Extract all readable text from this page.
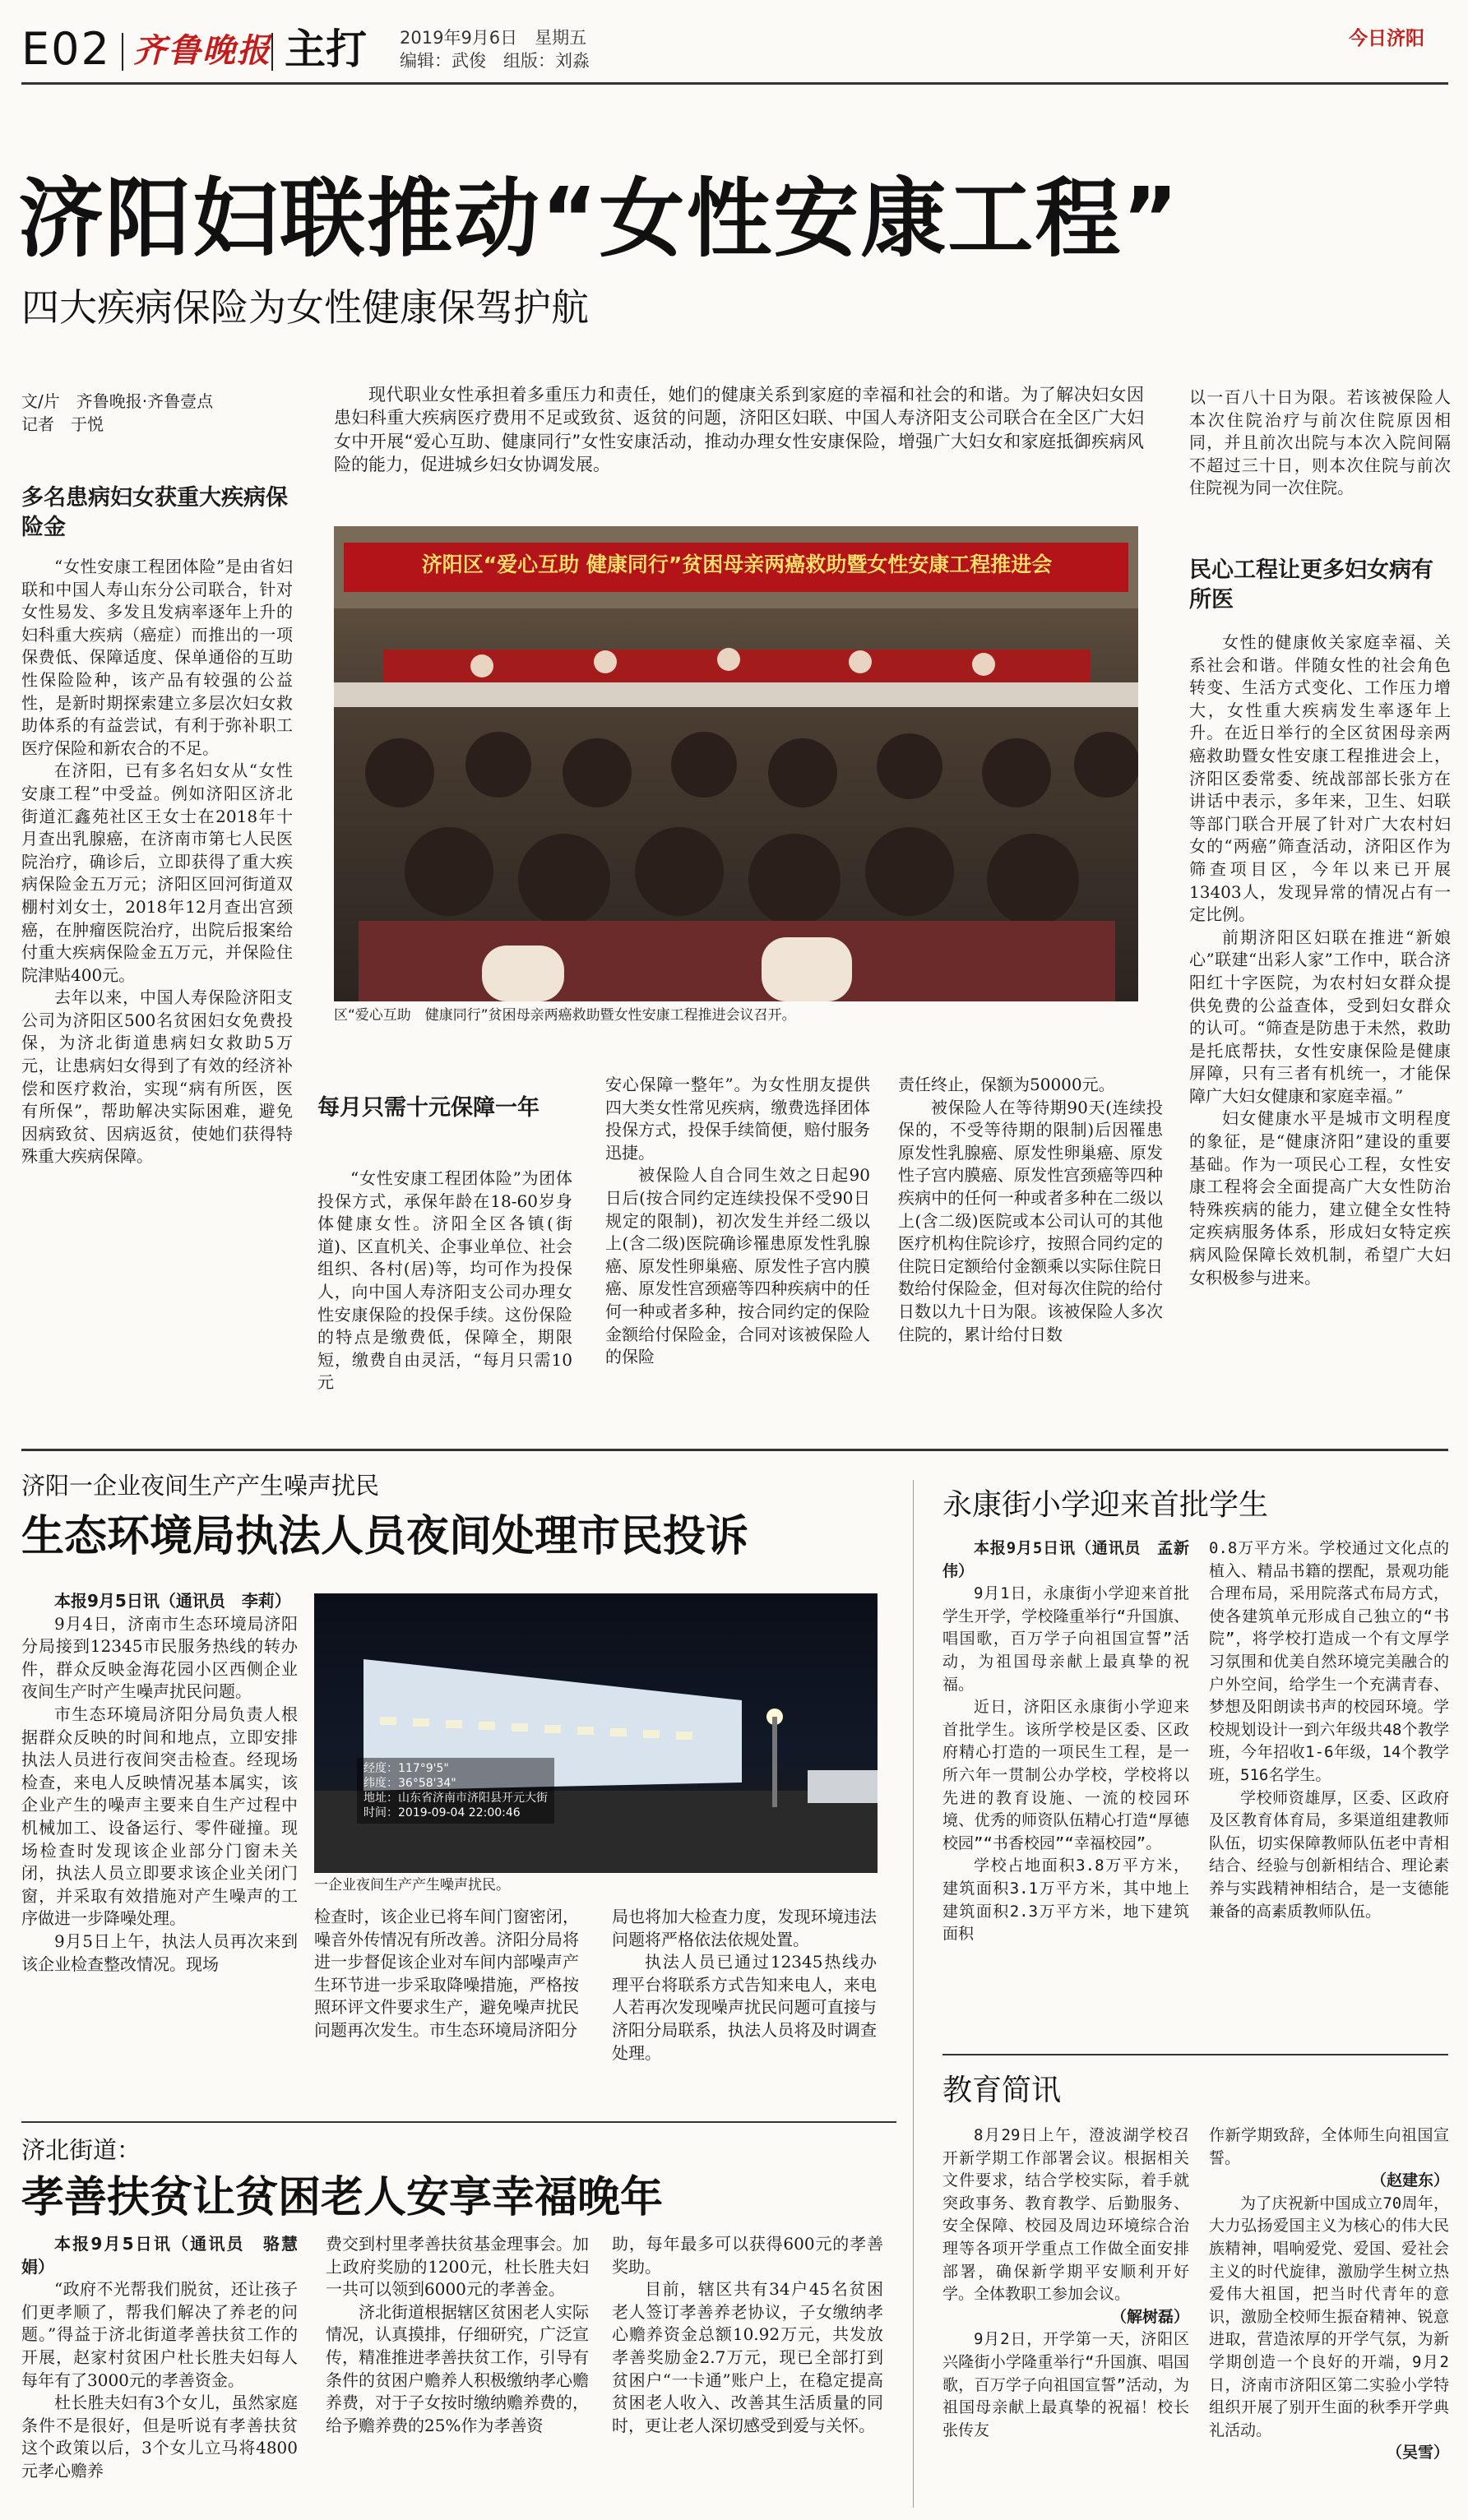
E02 齐鲁晚报 主打 2019年9月6日　星期五
编辑：武俊　组版：刘淼
今日济阳
济阳妇联推动“女性安康工程”
四大疾病保险为女性健康保驾护航
文/片　齐鲁晚报·齐鲁壹点
记者　于悦
现代职业女性承担着多重压力和责任，她们的健康关系到家庭的幸福和社会的和谐。为了解决妇女因患妇科重大疾病医疗费用不足或致贫、返贫的问题，济阳区妇联、中国人寿济阳支公司联合在全区广大妇女中开展“爱心互助、健康同行”女性安康活动，推动办理女性安康保险，增强广大妇女和家庭抵御疾病风险的能力，促进城乡妇女协调发展。
济阳区“爱心互助 健康同行”贫困母亲两癌救助暨女性安康工程推进会
区“爱心互助　健康同行”贫困母亲两癌救助暨女性安康工程推进会议召开。
多名患病妇女获重大疾病保险金

“女性安康工程团体险”是由省妇联和中国人寿山东分公司联合，针对女性易发、多发且发病率逐年上升的妇科重大疾病（癌症）而推出的一项保费低、保障适度、保单通俗的互助性保险险种，该产品有较强的公益性，是新时期探索建立多层次妇女救助体系的有益尝试，有利于弥补职工医疗保险和新农合的不足。

在济阳，已有多名妇女从“女性安康工程”中受益。例如济阳区济北街道汇鑫苑社区王女士在2018年十月查出乳腺癌，在济南市第七人民医院治疗，确诊后，立即获得了重大疾病保险金五万元；济阳区回河街道双棚村刘女士，2018年12月查出宫颈癌，在肿瘤医院治疗，出院后报案给付重大疾病保险金五万元，并保险住院津贴400元。

去年以来，中国人寿保险济阳支公司为济阳区500名贫困妇女免费投保，为济北街道患病妇女救助5万元，让患病妇女得到了有效的经济补偿和医疗救治，实现“病有所医，医有所保”，帮助解决实际困难，避免因病致贫、因病返贫，使她们获得特殊重大疾病保障。

每月只需十元保障一年

“女性安康工程团体险”为团体投保方式，承保年龄在18-60岁身体健康女性。济阳全区各镇(街道)、区直机关、企事业单位、社会组织、各村(居)等，均可作为投保人，向中国人寿济阳支公司办理女性安康保险的投保手续。这份保险的特点是缴费低，保障全，期限短，缴费自由灵活，“每月只需10元

安心保障一整年”。为女性朋友提供四大类女性常见疾病，缴费选择团体投保方式，投保手续简便，赔付服务迅捷。

被保险人自合同生效之日起90日后(按合同约定连续投保不受90日规定的限制)，初次发生并经二级以上(含二级)医院确诊罹患原发性乳腺癌、原发性卵巢癌、原发性子宫内膜癌、原发性宫颈癌等四种疾病中的任何一种或者多种，按合同约定的保险金额给付保险金，合同对该被保险人的保险

责任终止，保额为50000元。

被保险人在等待期90天(连续投保的，不受等待期的限制)后因罹患原发性乳腺癌、原发性卵巢癌、原发性子宫内膜癌、原发性宫颈癌等四种疾病中的任何一种或者多种在二级以上(含二级)医院或本公司认可的其他医疗机构住院诊疗，按照合同约定的住院日定额给付金额乘以实际住院日数给付保险金，但对每次住院的给付日数以九十日为限。该被保险人多次住院的，累计给付日数

以一百八十日为限。若该被保险人本次住院治疗与前次住院原因相同，并且前次出院与本次入院间隔不超过三十日，则本次住院与前次住院视为同一次住院。

民心工程让更多妇女病有所医

女性的健康攸关家庭幸福、关系社会和谐。伴随女性的社会角色转变、生活方式变化、工作压力增大，女性重大疾病发生率逐年上升。在近日举行的全区贫困母亲两癌救助暨女性安康工程推进会上，济阳区委常委、统战部部长张方在讲话中表示，多年来，卫生、妇联等部门联合开展了针对广大农村妇女的“两癌”筛查活动，济阳区作为筛查项目区，今年以来已开展13403人，发现异常的情况占有一定比例。

前期济阳区妇联在推进“新娘心”联建“出彩人家”工作中，联合济阳红十字医院，为农村妇女群众提供免费的公益查体，受到妇女群众的认可。“筛查是防患于未然，救助是托底帮扶，女性安康保险是健康屏障，只有三者有机统一，才能保障广大妇女健康和家庭幸福。”

妇女健康水平是城市文明程度的象征，是“健康济阳”建设的重要基础。作为一项民心工程，女性安康工程将会全面提高广大女性防治特殊疾病的能力，建立健全女性特定疾病服务体系，形成妇女特定疾病风险保障长效机制，希望广大妇女积极参与进来。

济阳一企业夜间生产产生噪声扰民
生态环境局执法人员夜间处理市民投诉

本报9月5日讯（通讯员　李莉）

9月4日，济南市生态环境局济阳分局接到12345市民服务热线的转办件，群众反映金海花园小区西侧企业夜间生产时产生噪声扰民问题。

市生态环境局济阳分局负责人根据群众反映的时间和地点，立即安排执法人员进行夜间突击检查。经现场检查，来电人反映情况基本属实，该企业产生的噪声主要来自生产过程中机械加工、设备运行、零件碰撞。现场检查时发现该企业部分门窗未关闭，执法人员立即要求该企业关闭门窗，并采取有效措施对产生噪声的工序做进一步降噪处理。

9月5日上午，执法人员再次来到该企业检查整改情况。现场

经度：117°9'5"
纬度：36°58'34"
地址：山东省济南市济阳县开元大街
时间：2019-09-04 22:00:46
一企业夜间生产产生噪声扰民。

检查时，该企业已将车间门窗密闭，噪音外传情况有所改善。济阳分局将进一步督促该企业对车间内部噪声产生环节进一步采取降噪措施，严格按照环评文件要求生产，避免噪声扰民问题再次发生。市生态环境局济阳分

局也将加大检查力度，发现环境违法问题将严格依法依规处置。

执法人员已通过12345热线办理平台将联系方式告知来电人，来电人若再次发现噪声扰民问题可直接与济阳分局联系，执法人员将及时调查处理。

济北街道：
孝善扶贫让贫困老人安享幸福晚年

本报9月5日讯（通讯员　骆慧娟）

“政府不光帮我们脱贫，还让孩子们更孝顺了，帮我们解决了养老的问题。”得益于济北街道孝善扶贫工作的开展，赵家村贫困户杜长胜夫妇每人每年有了3000元的孝善资金。

杜长胜夫妇有3个女儿，虽然家庭条件不是很好，但是听说有孝善扶贫这个政策以后，3个女儿立马将4800元孝心赡养

费交到村里孝善扶贫基金理事会。加上政府奖励的1200元，杜长胜夫妇一共可以领到6000元的孝善金。

济北街道根据辖区贫困老人实际情况，认真摸排，仔细研究，广泛宣传，精准推进孝善扶贫工作，引导有条件的贫困户赡养人积极缴纳孝心赡养费，对于子女按时缴纳赡养费的，给予赡养费的25%作为孝善资

助，每年最多可以获得600元的孝善奖助。

目前，辖区共有34户45名贫困老人签订孝善养老协议，子女缴纳孝心赡养资金总额10.92万元，共发放孝善奖励金2.7万元，现已全部打到贫困户“一卡通”账户上，在稳定提高贫困老人收入、改善其生活质量的同时，更让老人深切感受到爱与关怀。

永康街小学迎来首批学生

本报9月5日讯（通讯员　孟新伟）

9月1日，永康街小学迎来首批学生开学，学校隆重举行“升国旗、唱国歌，百万学子向祖国宣誓”活动，为祖国母亲献上最真挚的祝福。

近日，济阳区永康街小学迎来首批学生。该所学校是区委、区政府精心打造的一项民生工程，是一所六年一贯制公办学校，学校将以先进的教育设施、一流的校园环境、优秀的师资队伍精心打造“厚德校园”“书香校园”“幸福校园”。

学校占地面积3.8万平方米，建筑面积3.1万平方米，其中地上建筑面积2.3万平方米，地下建筑面积

0.8万平方米。学校通过文化点的植入、精品书籍的摆配，景观功能合理布局，采用院落式布局方式，使各建筑单元形成自己独立的“书院”，将学校打造成一个有文厚学习氛围和优美自然环境完美融合的户外空间，给学生一个充满青春、梦想及阳朗读书声的校园环境。学校规划设计一到六年级共48个教学班，今年招收1-6年级，14个教学班，516名学生。

学校师资雄厚，区委、区政府及区教育体育局，多渠道组建教师队伍，切实保障教师队伍老中青相结合、经验与创新相结合、理论素养与实践精神相结合，是一支德能兼备的高素质教师队伍。

教育简讯

8月29日上午，澄波湖学校召开新学期工作部署会议。根据相关文件要求，结合学校实际，着手就突政事务、教育教学、后勤服务、安全保障、校园及周边环境综合治理等各项开学重点工作做全面安排部署，确保新学期平安顺利开好学。全体教职工参加会议。

（解树磊）

9月2日，开学第一天，济阳区兴隆街小学隆重举行“升国旗、唱国歌，百万学子向祖国宣誓”活动，为祖国母亲献上最真挚的祝福！校长张传友

作新学期致辞，全体师生向祖国宣誓。

（赵建东）

为了庆祝新中国成立70周年，大力弘扬爱国主义为核心的伟大民族精神，唱响爱党、爱国、爱社会主义的时代旋律，激励学生树立热爱伟大祖国，把当时代青年的意识，激励全校师生振奋精神、锐意进取，营造浓厚的开学气氛，为新学期创造一个良好的开端，9月2日，济南市济阳区第二实验小学特组织开展了别开生面的秋季开学典礼活动。

（吴雪）
